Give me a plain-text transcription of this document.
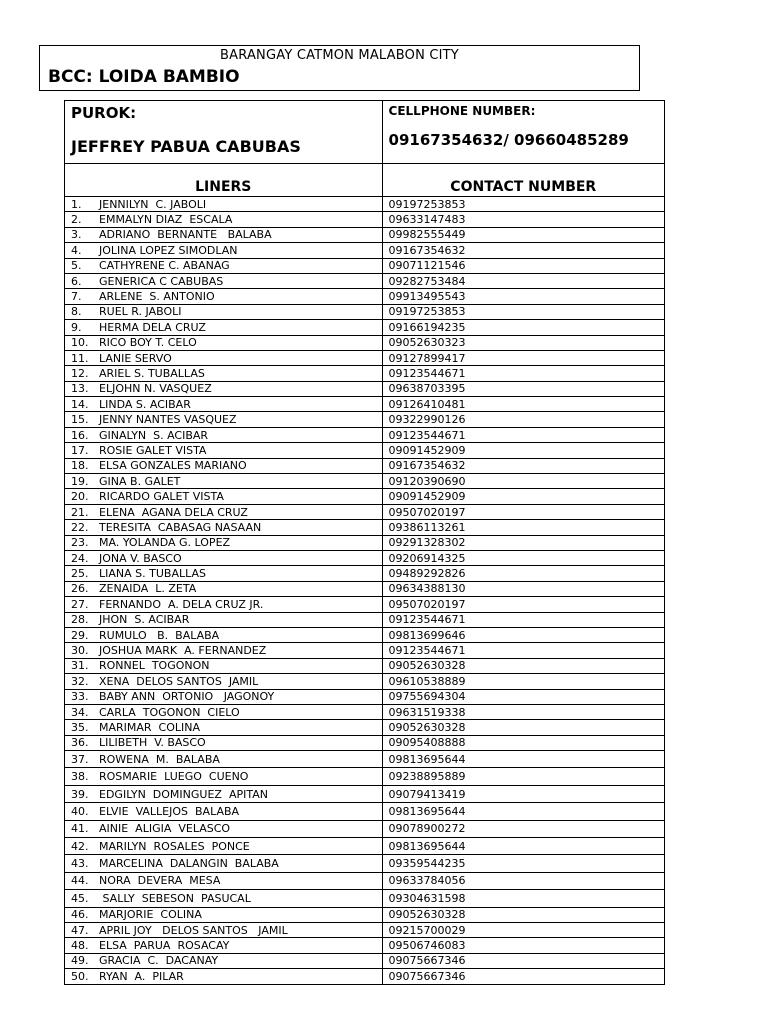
BARANGAY CATMON MALABON CITY
BCC: LOIDA BAMBIO
PUROK:
JEFFREY PABUA CABUBAS	CELLPHONE NUMBER:
09167354632/ 09660485289

LINERS	CONTACT NUMBER

1. JENNILYN  C. JABOLI	09197253853
2. EMMALYN DIAZ  ESCALA	09633147483
3. ADRIANO  BERNANTE   BALABA	09982555449
4. JOLINA LOPEZ SIMODLAN	09167354632
5. CATHYRENE C. ABANAG	09071121546
6. GENERICA C CABUBAS	09282753484
7. ARLENE  S. ANTONIO	09913495543
8. RUEL R. JABOLI	09197253853
9. HERMA DELA CRUZ	09166194235
10. RICO BOY T. CELO	09052630323
11. LANIE SERVO	09127899417
12. ARIEL S. TUBALLAS	09123544671
13. ELJOHN N. VASQUEZ	09638703395
14. LINDA S. ACIBAR	09126410481
15. JENNY NANTES VASQUEZ	09322990126
16. GINALYN  S. ACIBAR	09123544671
17. ROSIE GALET VISTA	09091452909
18. ELSA GONZALES MARIANO	09167354632
19. GINA B. GALET	09120390690
20. RICARDO GALET VISTA	09091452909
21. ELENA  AGANA DELA CRUZ	09507020197
22. TERESITA  CABASAG NASAAN	09386113261
23. MA. YOLANDA G. LOPEZ	09291328302
24. JONA V. BASCO	09206914325
25. LIANA S. TUBALLAS	09489292826
26. ZENAIDA  L. ZETA	09634388130
27. FERNANDO  A. DELA CRUZ JR.	09507020197
28. JHON  S. ACIBAR	09123544671
29. RUMULO   B.  BALABA	09813699646
30. JOSHUA MARK  A. FERNANDEZ	09123544671
31. RONNEL  TOGONON	09052630328
32. XENA  DELOS SANTOS  JAMIL	09610538889
33. BABY ANN  ORTONIO   JAGONOY	09755694304
34. CARLA  TOGONON  CIELO	09631519338
35. MARIMAR  COLINA	09052630328
36. LILIBETH  V. BASCO	09095408888
37. ROWENA  M.  BALABA	09813695644
38. ROSMARIE  LUEGO  CUENO	09238895889
39. EDGILYN  DOMINGUEZ  APITAN	09079413419
40. ELVIE  VALLEJOS  BALABA	09813695644
41. AINIE  ALIGIA  VELASCO	09078900272
42. MARILYN  ROSALES  PONCE	09813695644
43. MARCELINA  DALANGIN  BALABA	09359544235
44. NORA  DEVERA  MESA	09633784056
45. SALLY  SEBESON  PASUCAL	09304631598
46. MARJORIE  COLINA	09052630328
47. APRIL JOY   DELOS SANTOS   JAMIL	09215700029
48. ELSA  PARUA  ROSACAY	09506746083
49. GRACIA  C.  DACANAY	09075667346
50. RYAN  A.  PILAR	09075667346
